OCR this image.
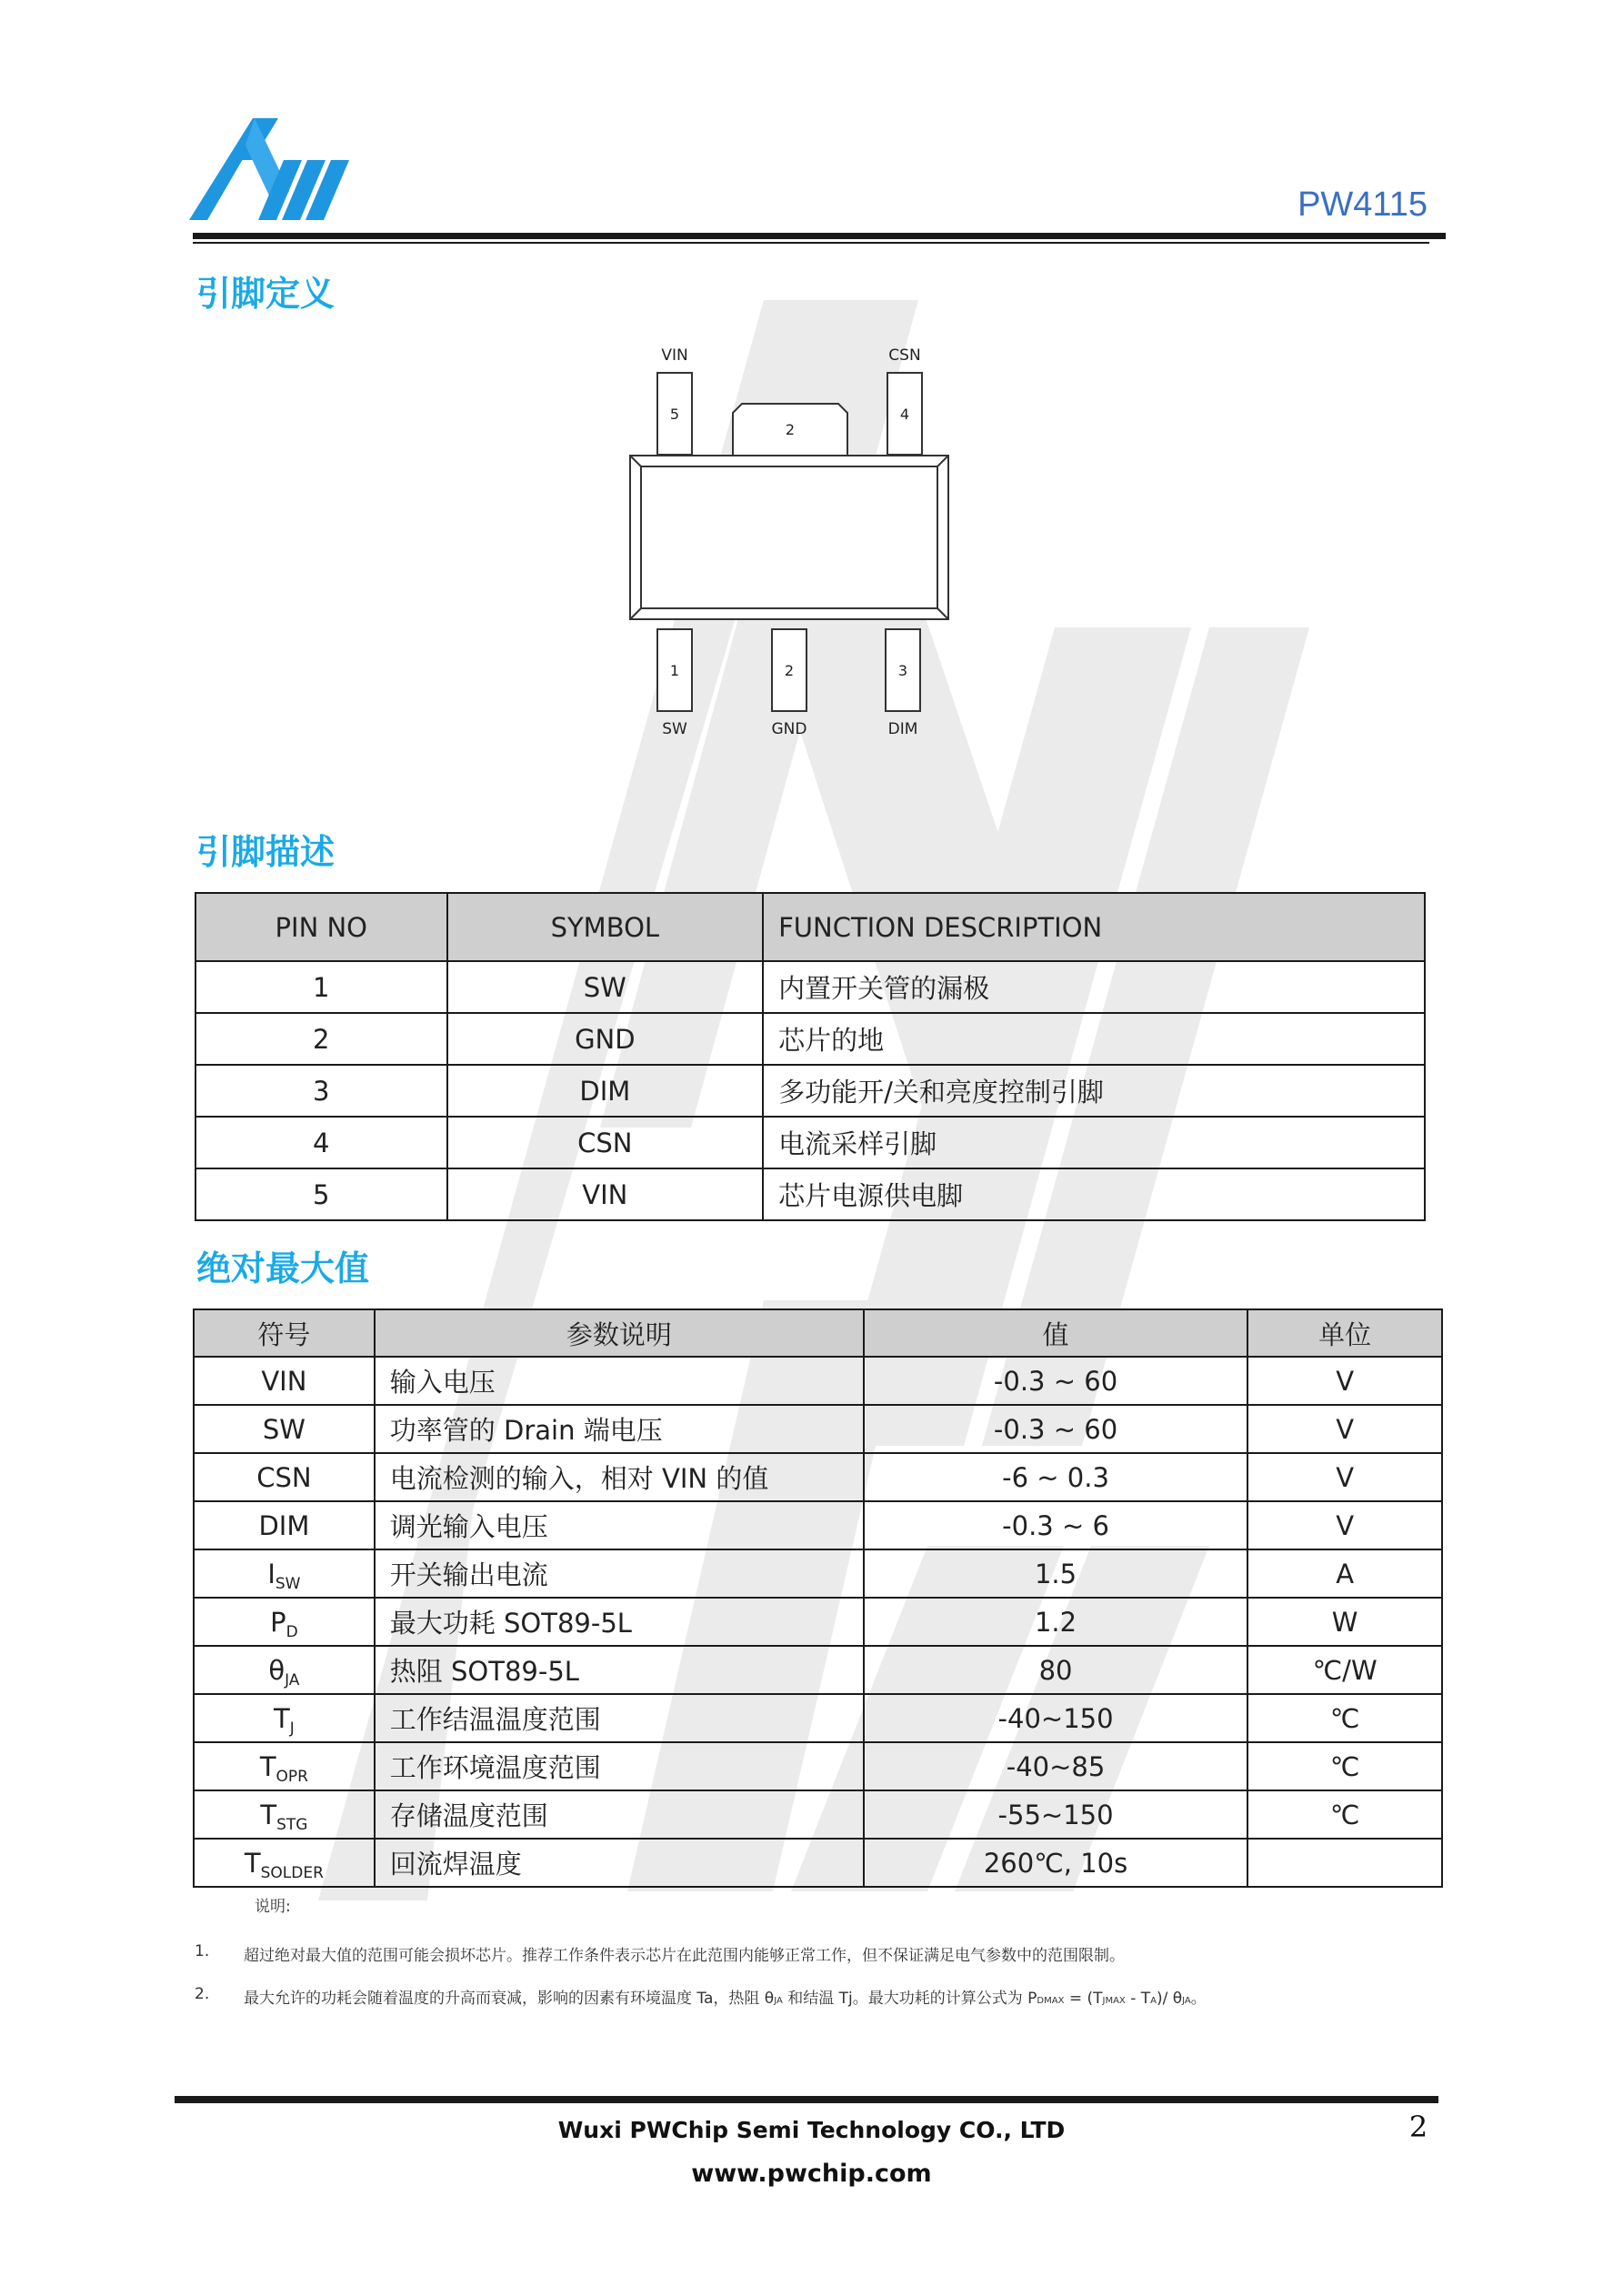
PW4115
引脚定义
VIN	CSN
SW	GND	DIM
5
2
4
1	2	3
引脚描述
PIN NO	SYMBOL	FUNCTION DESCRIPTION
1	SW	内置开关管的漏极
2	GND	芯片的地
3	DIM	多功能开/关和亮度控制引脚
4	CSN	电流采样引脚
5	VIN	芯片电源供电脚
绝对最大值
符号	参数说明	值	单位
VIN	输入电压	-0.3 ~ 60	V
SW	功率管的 Drain 端电压	-0.3 ~ 60	V
CSN	电流检测的输入，相对 VIN 的值	-6 ~ 0.3	V
DIM	调光输入电压	-0.3 ~ 6	V
$I_{SW}$	开关输出电流	1.5	A
$P_D$	最大功耗 SOT89-5L	1.2	W
$\theta_{JA}$	热阻 SOT89-5L	80	℃/W
$T_J$	工作结温温度范围	-40~150	℃
$T_{OPR}$	工作环境温度范围	-40~85	℃
$T_{STG}$	存储温度范围	-55~150	℃
$T_{SOLDER}$	回流焊温度	260℃, 10s	
说明:
1. 超过绝对最大值的范围可能会损坏芯片。推荐工作条件表示芯片在此范围内能够正常工作，但不保证满足电气参数中的范围限制。
2. 最大允许的功耗会随着温度的升高而衰减，影响的因素有环境温度 Ta，热阻 θJA 和结温 Tj。最大功耗的计算公式为 PDMAX = (TJMAX - TA)/ θJA。
Wuxi PWChip Semi Technology CO., LTD
www.pwchip.com
2
